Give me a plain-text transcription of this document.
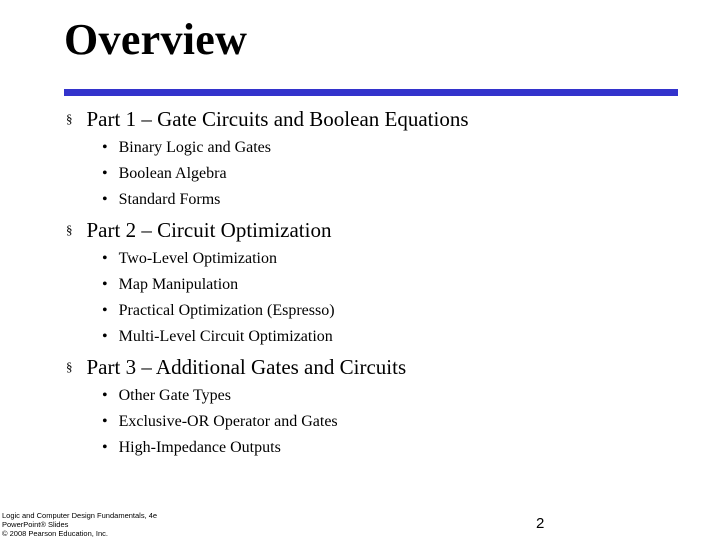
Overview
§ Part 1 – Gate Circuits and Boolean Equations
• Binary Logic and Gates
• Boolean Algebra
• Standard Forms
§ Part 2 – Circuit Optimization
• Two-Level Optimization
• Map Manipulation
• Practical Optimization (Espresso)
• Multi-Level Circuit Optimization
§ Part 3 – Additional Gates and Circuits
• Other Gate Types
• Exclusive-OR Operator and Gates
• High-Impedance Outputs
Logic and Computer Design Fundamentals, 4e
PowerPoint® Slides
© 2008 Pearson Education, Inc.
2
